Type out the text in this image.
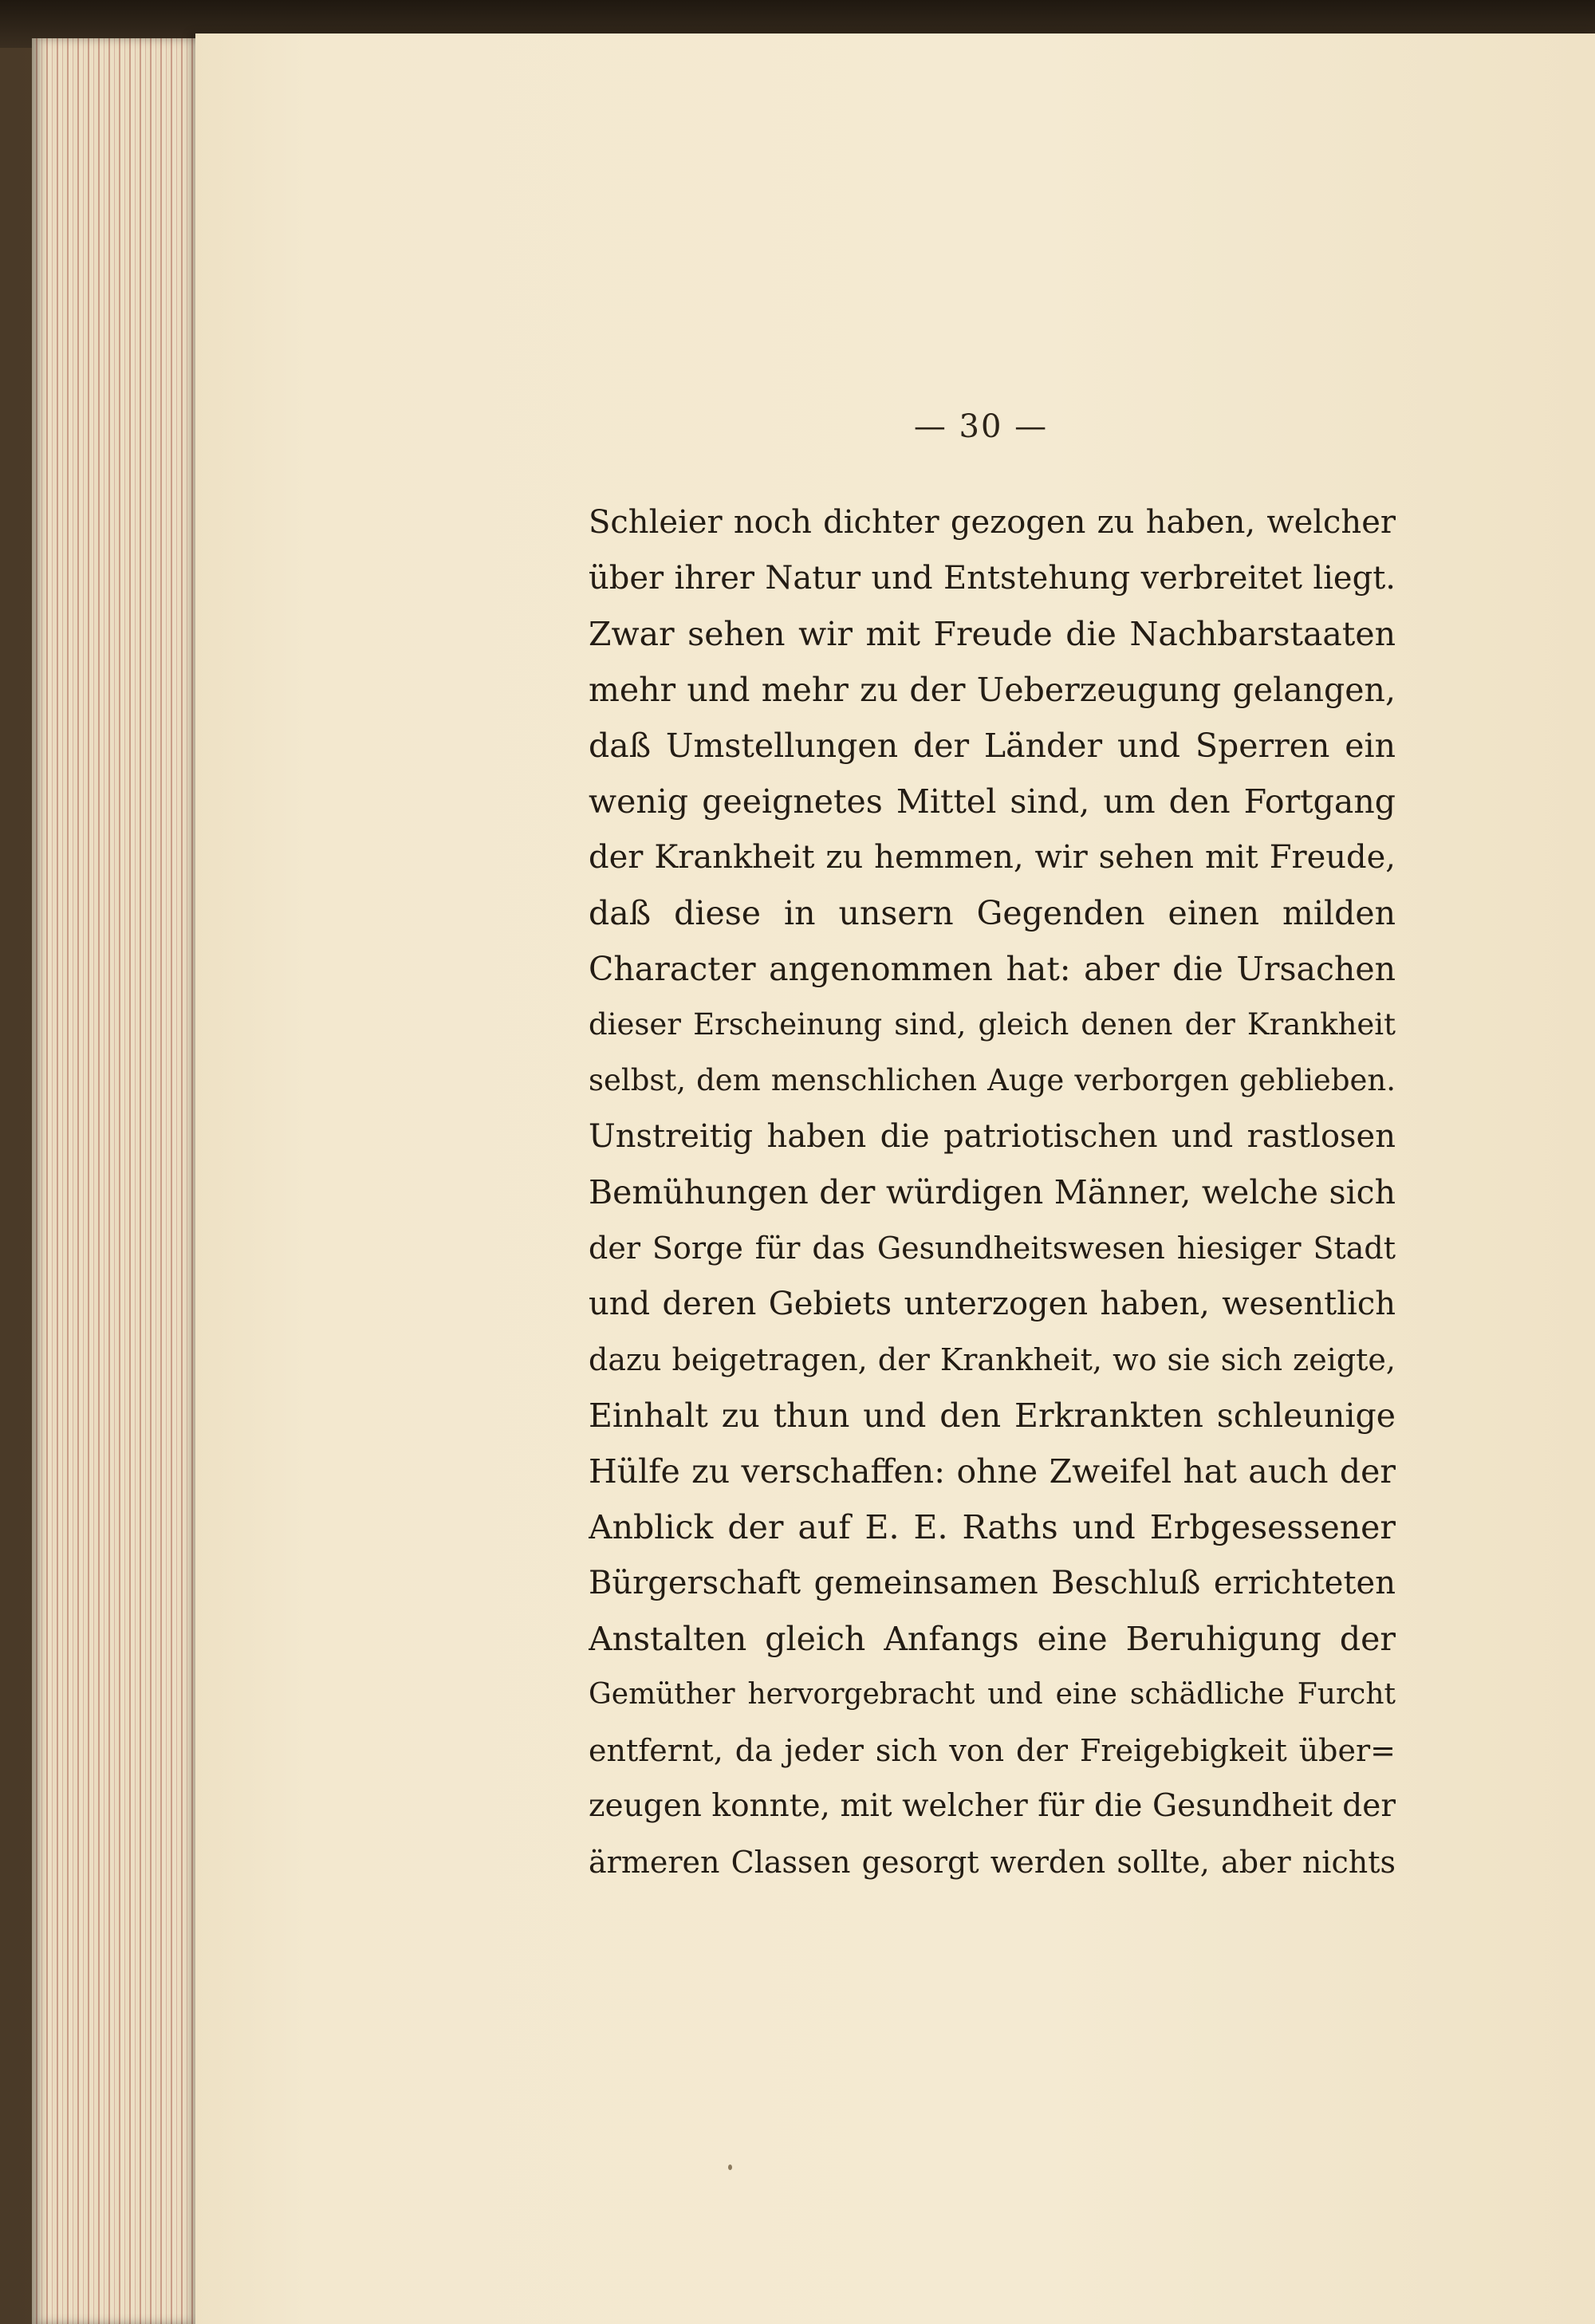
— 30 —
Schleier noch dichter gezogen zu haben, welcher
über ihrer Natur und Entstehung verbreitet liegt.
Zwar sehen wir mit Freude die Nachbarstaaten
mehr und mehr zu der Ueberzeugung gelangen,
daß Umstellungen der Länder und Sperren ein
wenig geeignetes Mittel sind, um den Fortgang
der Krankheit zu hemmen, wir sehen mit Freude,
daß diese in unsern Gegenden einen milden
Character angenommen hat: aber die Ursachen
dieser Erscheinung sind, gleich denen der Krankheit
selbst, dem menschlichen Auge verborgen geblieben.
Unstreitig haben die patriotischen und rastlosen
Bemühungen der würdigen Männer, welche sich
der Sorge für das Gesundheitswesen hiesiger Stadt
und deren Gebiets unterzogen haben, wesentlich
dazu beigetragen, der Krankheit, wo sie sich zeigte,
Einhalt zu thun und den Erkrankten schleunige
Hülfe zu verschaffen: ohne Zweifel hat auch der
Anblick der auf E. E. Raths und Erbgesessener
Bürgerschaft gemeinsamen Beschluß errichteten
Anstalten gleich Anfangs eine Beruhigung der
Gemüther hervorgebracht und eine schädliche Furcht
entfernt, da jeder sich von der Freigebigkeit über=
zeugen konnte, mit welcher für die Gesundheit der
ärmeren Classen gesorgt werden sollte, aber nichts
